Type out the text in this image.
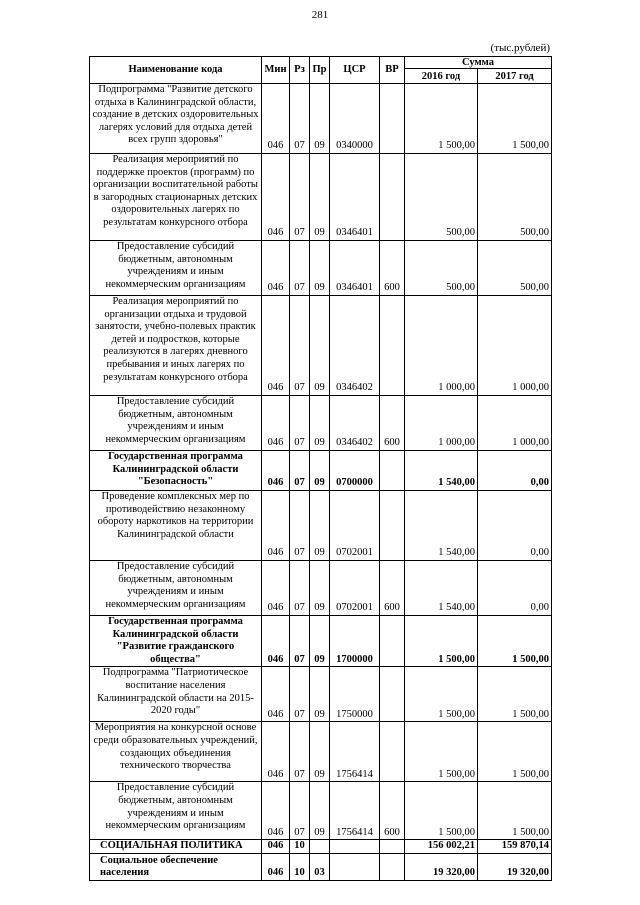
281
(тыс.рублей)
Наименование кода	Мин	Рз	Пр	ЦСР	ВР	Сумма	
						2016 год	2017 год
Подпрограмма "Развитие детского отдыха в Калининградской области, создание в детских оздоровительных лагерях условий для отдыха детей всех групп здоровья"	046	07	09	0340000		1 500,00	1 500,00
Реализация мероприятий по поддержке проектов (программ) по организации воспитательной работы в загородных стационарных детских оздоровительных лагерях по результатам конкурсного отбора	046	07	09	0346401		500,00	500,00
Предоставление субсидий бюджетным, автономным учреждениям и иным некоммерческим организациям	046	07	09	0346401	600	500,00	500,00
Реализация мероприятий по организации отдыха и трудовой занятости, учебно-полевых практик детей и подростков, которые реализуются в лагерях дневного пребывания и иных лагерях по результатам конкурсного отбора	046	07	09	0346402		1 000,00	1 000,00
Предоставление субсидий бюджетным, автономным учреждениям и иным некоммерческим организациям	046	07	09	0346402	600	1 000,00	1 000,00
Государственная программа Калининградской области "Безопасность"	046	07	09	0700000		1 540,00	0,00
Проведение комплексных мер по противодействию незаконному обороту наркотиков на территории Калининградской области	046	07	09	0702001		1 540,00	0,00
Предоставление субсидий бюджетным, автономным учреждениям и иным некоммерческим организациям	046	07	09	0702001	600	1 540,00	0,00
Государственная программа Калининградской области "Развитие гражданского общества"	046	07	09	1700000		1 500,00	1 500,00
Подпрограмма "Патриотическое воспитание населения Калининградской области на 2015-2020 годы"	046	07	09	1750000		1 500,00	1 500,00
Мероприятия на конкурсной основе среди образовательных учреждений, создающих объединения технического творчества	046	07	09	1756414		1 500,00	1 500,00
Предоставление субсидий бюджетным, автономным учреждениям и иным некоммерческим организациям	046	07	09	1756414	600	1 500,00	1 500,00
СОЦИАЛЬНАЯ ПОЛИТИКА	046	10				156 002,21	159 870,14
Социальное обеспечение населения	046	10	03			19 320,00	19 320,00
